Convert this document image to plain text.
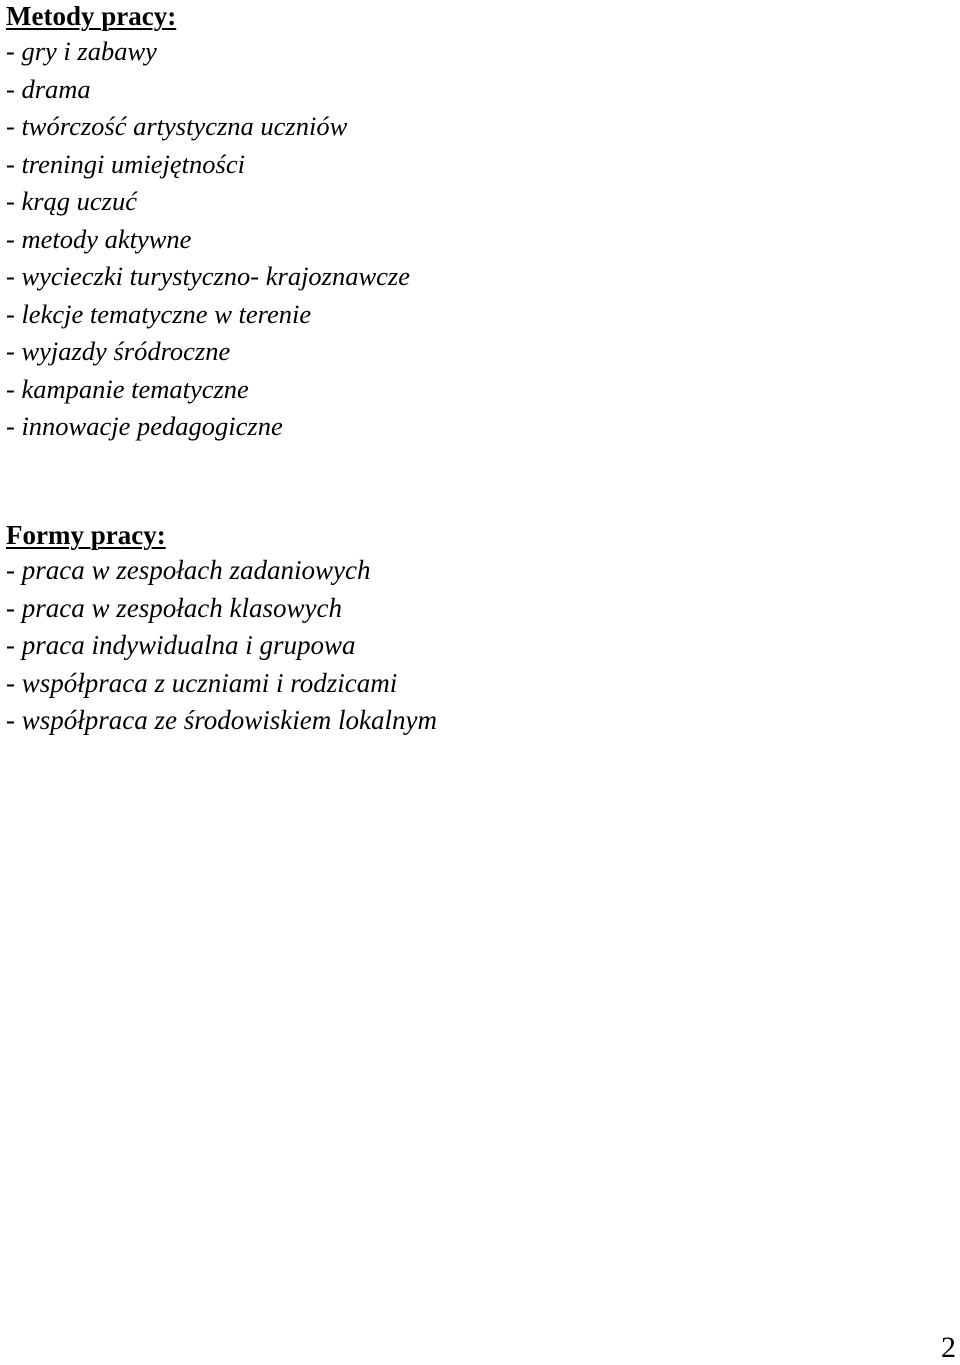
Metody pracy:
- gry i zabawy
- drama
- twórczość artystyczna uczniów
- treningi umiejętności
- krąg uczuć
- metody aktywne
- wycieczki turystyczno- krajoznawcze
- lekcje tematyczne w terenie
- wyjazdy śródroczne
- kampanie tematyczne
- innowacje pedagogiczne
Formy pracy:
- praca w zespołach zadaniowych
- praca w zespołach klasowych
- praca indywidualna i grupowa
- współpraca z uczniami i rodzicami
- współpraca ze środowiskiem lokalnym
2
